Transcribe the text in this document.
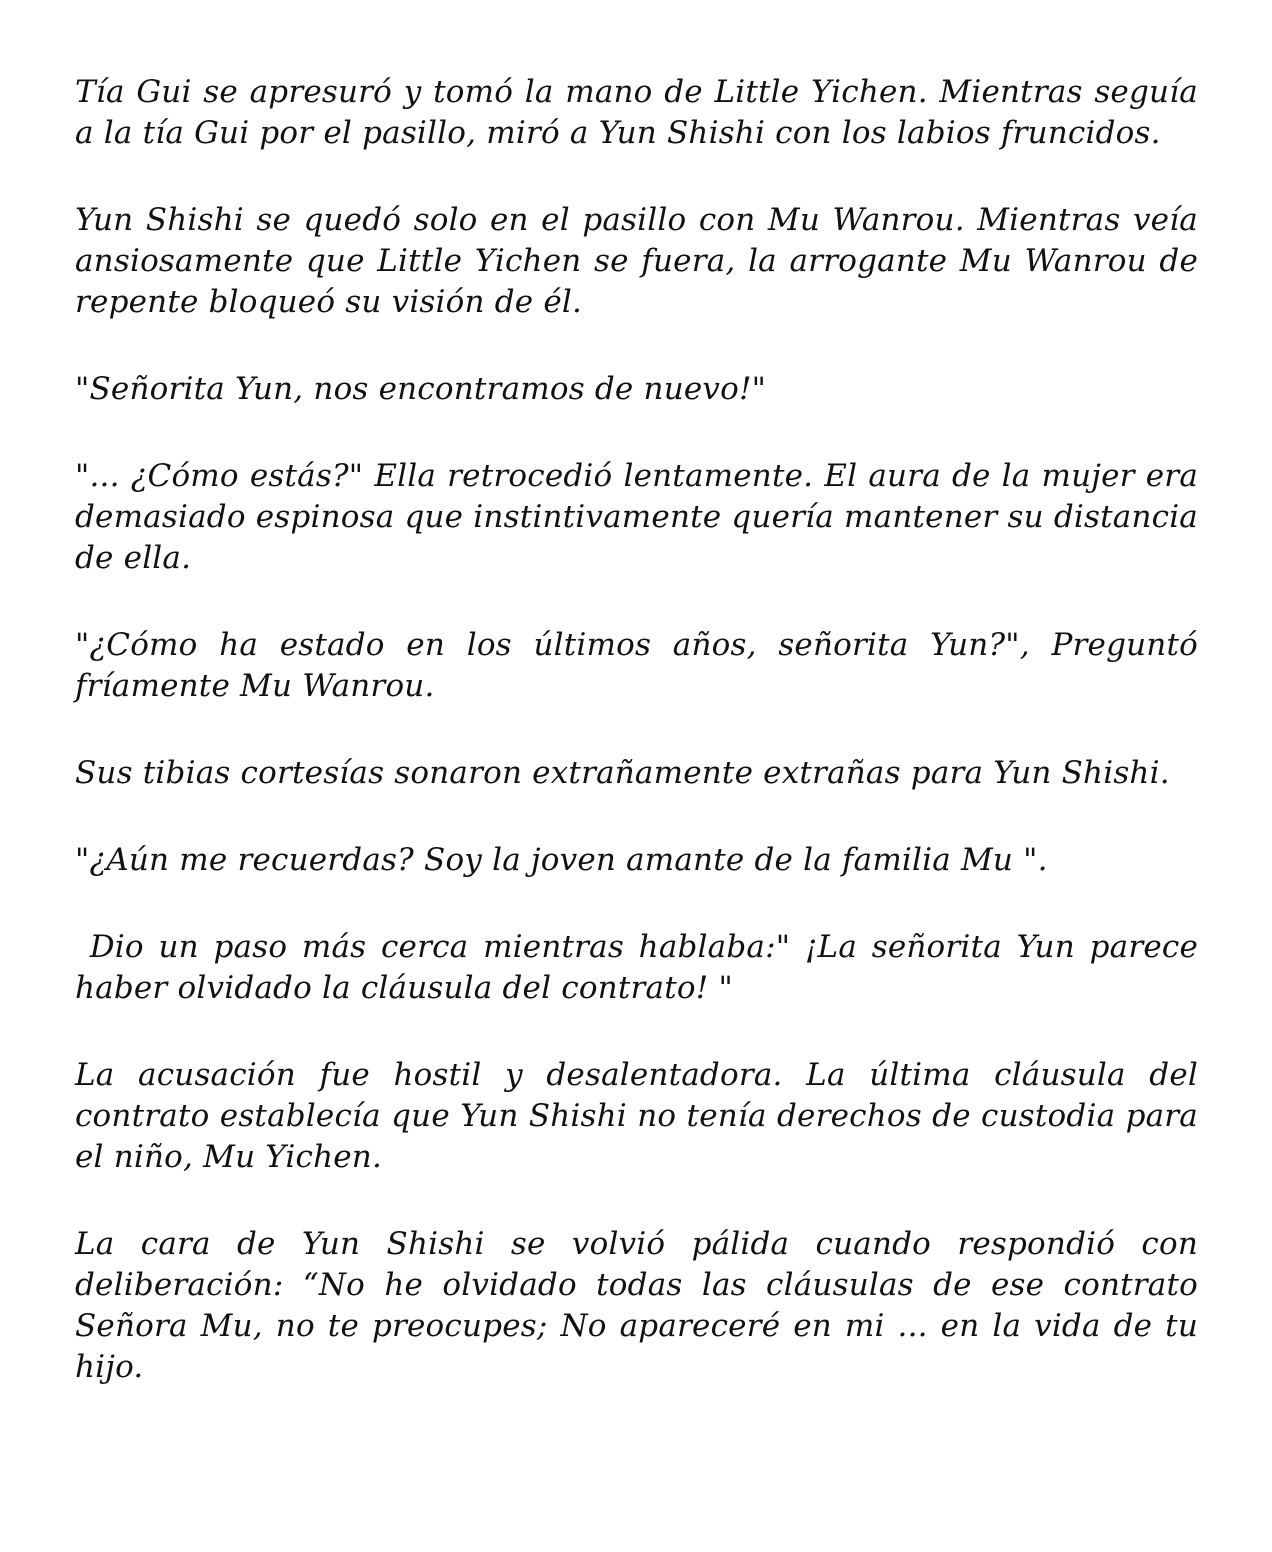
Tía Gui se apresuró y tomó la mano de Little Yichen. Mientras seguía a la tía Gui por el pasillo, miró a Yun Shishi con los labios fruncidos.

Yun Shishi se quedó solo en el pasillo con Mu Wanrou. Mientras veía ansiosamente que Little Yichen se fuera, la arrogante Mu Wanrou de repente bloqueó su visión de él.

"Señorita Yun, nos encontramos de nuevo!"

"... ¿Cómo estás?" Ella retrocedió lentamente. El aura de la mujer era demasiado espinosa que instintivamente quería mantener su distancia de ella.

"¿Cómo ha estado en los últimos años, señorita Yun?", Preguntó fríamente Mu Wanrou.

Sus tibias cortesías sonaron extrañamente extrañas para Yun Shishi.

"¿Aún me recuerdas? Soy la joven amante de la familia Mu ".

Dio un paso más cerca mientras hablaba:" ¡La señorita Yun parece haber olvidado la cláusula del contrato! "

La acusación fue hostil y desalentadora. La última cláusula del contrato establecía que Yun Shishi no tenía derechos de custodia para el niño, Mu Yichen.

La cara de Yun Shishi se volvió pálida cuando respondió con deliberación: “No he olvidado todas las cláusulas de ese contrato Señora Mu, no te preocupes; No apareceré en mi ... en la vida de tu hijo.
